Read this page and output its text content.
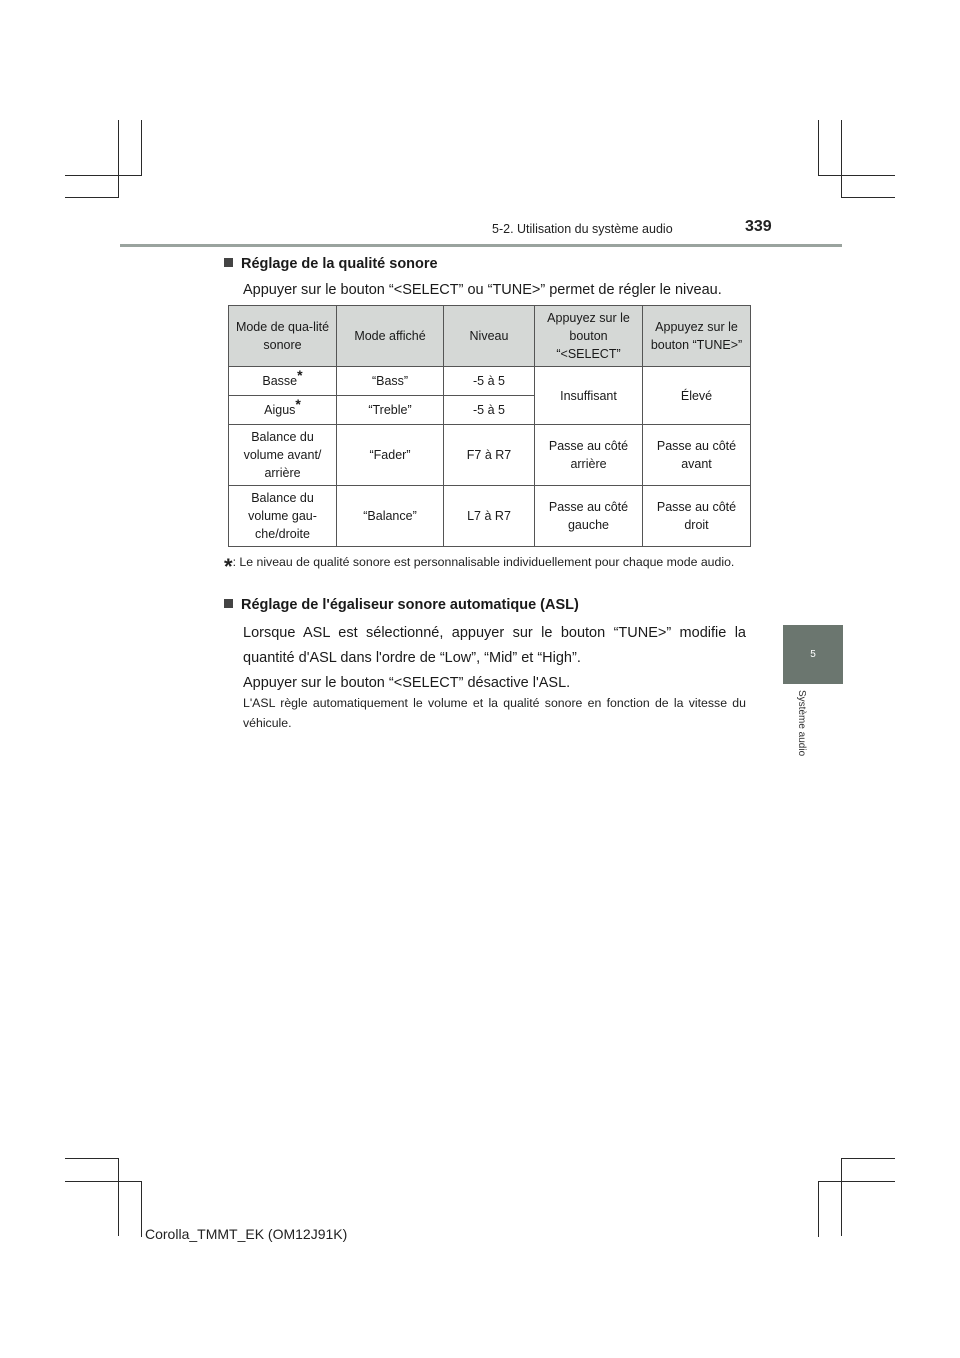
5-2. Utilisation du système audio	339
5
Système audio
Réglage de la qualité sonore
Appuyer sur le bouton “<SELECT” ou “TUNE>” permet de régler le niveau.
Mode de qua-lité sonore	Mode affiché	Niveau	Appuyez sur le bouton “<SELECT”	Appuyez sur le bouton “TUNE>”
Basse*	“Bass”	-5 à 5	Insuffisant	Élevé
Aigus*	“Treble”	-5 à 5		
Balance du volume avant/ arrière	“Fader”	F7 à R7	Passe au côté arrière	Passe au côté avant
Balance du volume gau-che/droite	“Balance”	L7 à R7	Passe au côté gauche	Passe au côté droit
*: Le niveau de qualité sonore est personnalisable individuellement pour chaque mode audio.
Réglage de l'égaliseur sonore automatique (ASL)
Lorsque ASL est sélectionné, appuyer sur le bouton “TUNE>” modifie la quantité d'ASL dans l'ordre de “Low”, “Mid” et “High”.
Appuyer sur le bouton “<SELECT” désactive l'ASL.
L'ASL règle automatiquement le volume et la qualité sonore en fonction de la vitesse du véhicule.
Corolla_TMMT_EK (OM12J91K)
